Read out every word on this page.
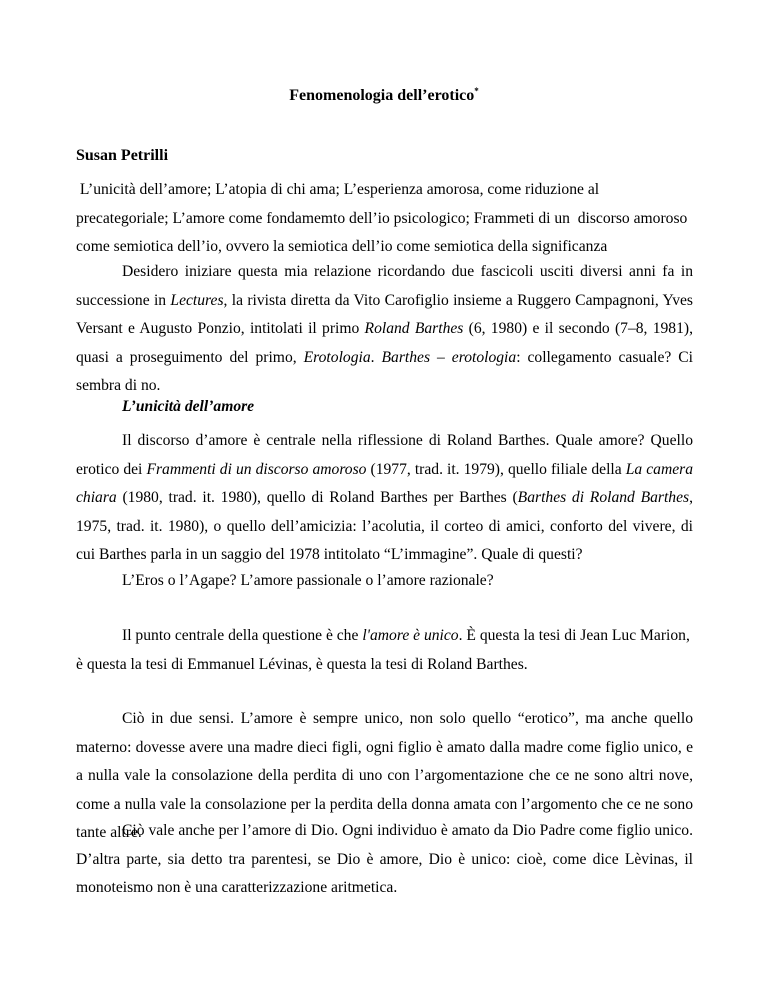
Fenomenologia dell’erotico*
Susan Petrilli
L’unicità dell’amore; L’atopia di chi ama; L’esperienza amorosa, come riduzione al precategoriale; L’amore come fondamemto dell’io psicologico; Frammeti di un  discorso amoroso come semiotica dell’io, ovvero la semiotica dell’io come semiotica della significanza

Desidero iniziare questa mia relazione ricordando due fascicoli usciti diversi anni fa in successione in Lectures, la rivista diretta da Vito Carofiglio insieme a Ruggero Campagnoni, Yves Versant e Augusto Ponzio, intitolati il primo Roland Barthes (6, 1980) e il secondo (7–8, 1981), quasi a proseguimento del primo, Erotologia. Barthes – erotologia: collegamento casuale? Ci sembra di no.

L’unicità dell’amore

Il discorso d’amore è centrale nella riflessione di Roland Barthes. Quale amore? Quello erotico dei Frammenti di un discorso amoroso (1977, trad. it. 1979), quello filiale della La camera chiara (1980, trad. it. 1980), quello di Roland Barthes per Barthes (Barthes di Roland Barthes, 1975, trad. it. 1980), o quello dell’amicizia: l’acolutia, il corteo di amici, conforto del vivere, di cui Barthes parla in un saggio del 1978 intitolato “L’immagine”. Quale di questi?

L’Eros o l’Agape? L’amore passionale o l’amore razionale?

Il punto centrale della questione è che l'amore è unico. È questa la tesi di Jean Luc Marion, è questa la tesi di Emmanuel Lévinas, è questa la tesi di Roland Barthes.

Ciò in due sensi. L’amore è sempre unico, non solo quello “erotico”, ma anche quello materno: dovesse avere una madre dieci figli, ogni figlio è amato dalla madre come figlio unico, e a nulla vale la consolazione della perdita di uno con l’argomentazione che ce ne sono altri nove, come a nulla vale la consolazione per la perdita della donna amata con l’argomento che ce ne sono tante altre.

Ciò vale anche per l’amore di Dio. Ogni individuo è amato da Dio Padre come figlio unico. D’altra parte, sia detto tra parentesi, se Dio è amore, Dio è unico: cioè, come dice Lèvinas, il monoteismo non è una caratterizzazione aritmetica.
